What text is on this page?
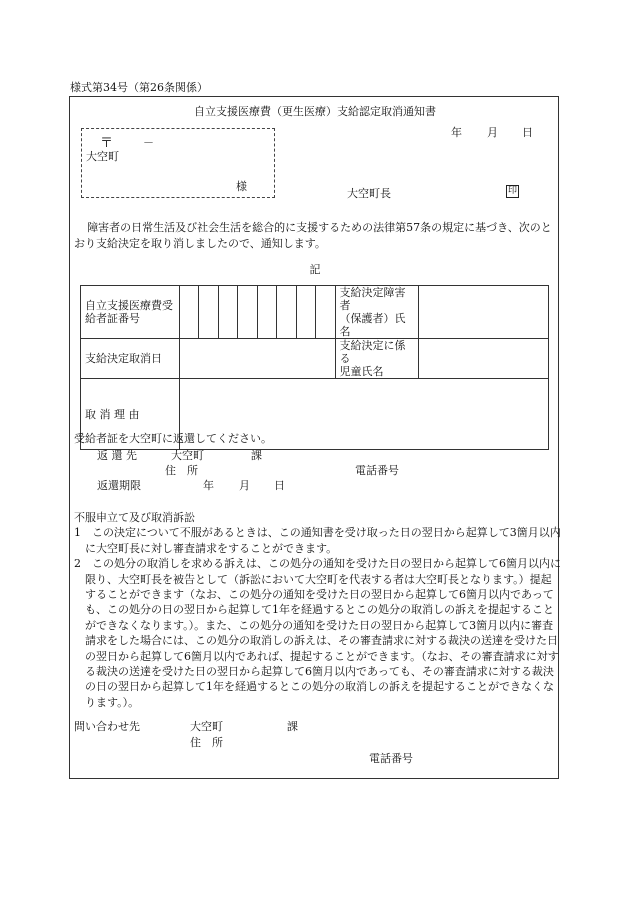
様式第34号（第26条関係）
自立支援医療費（更生医療）支給認定取消通知書
年 月 日
〒	－
大空町
様
大空町長	印
障害者の日常生活及び社会生活を総合的に支援するための法律第57条の規定に基づき、次のとおり支給決定を取り消しましたので、通知します。
記
自立支援医療費受給者証番号									支給決定障害者
（保護者）氏名	
支給決定取消日									支給決定に係る
児童氏名	
取 消 理 由										
受給者証を大空町に返還してください。
返 還 先	大空町	課
住　所	電話番号
返還期限	年 月 日

不服申立て及び取消訴訟

1　この決定について不服があるときは、この通知書を受け取った日の翌日から起算して3箇月以内に大空町長に対し審査請求をすることができます。

2　この処分の取消しを求める訴えは、この処分の通知を受けた日の翌日から起算して6箇月以内に限り、大空町長を被告として（訴訟において大空町を代表する者は大空町長となります。）提起することができます（なお、この処分の通知を受けた日の翌日から起算して6箇月以内であっても、この処分の日の翌日から起算して1年を経過するとこの処分の取消しの訴えを提起することができなくなります。）。また、この処分の通知を受けた日の翌日から起算して3箇月以内に審査請求をした場合には、この処分の取消しの訴えは、その審査請求に対する裁決の送達を受けた日の翌日から起算して6箇月以内であれば、提起することができます。（なお、その審査請求に対する裁決の送達を受けた日の翌日から起算して6箇月以内であっても、その審査請求に対する裁決の日の翌日から起算して1年を経過するとこの処分の取消しの訴えを提起することができなくなります。）。

問い合わせ先	大空町	課
住　所
電話番号
